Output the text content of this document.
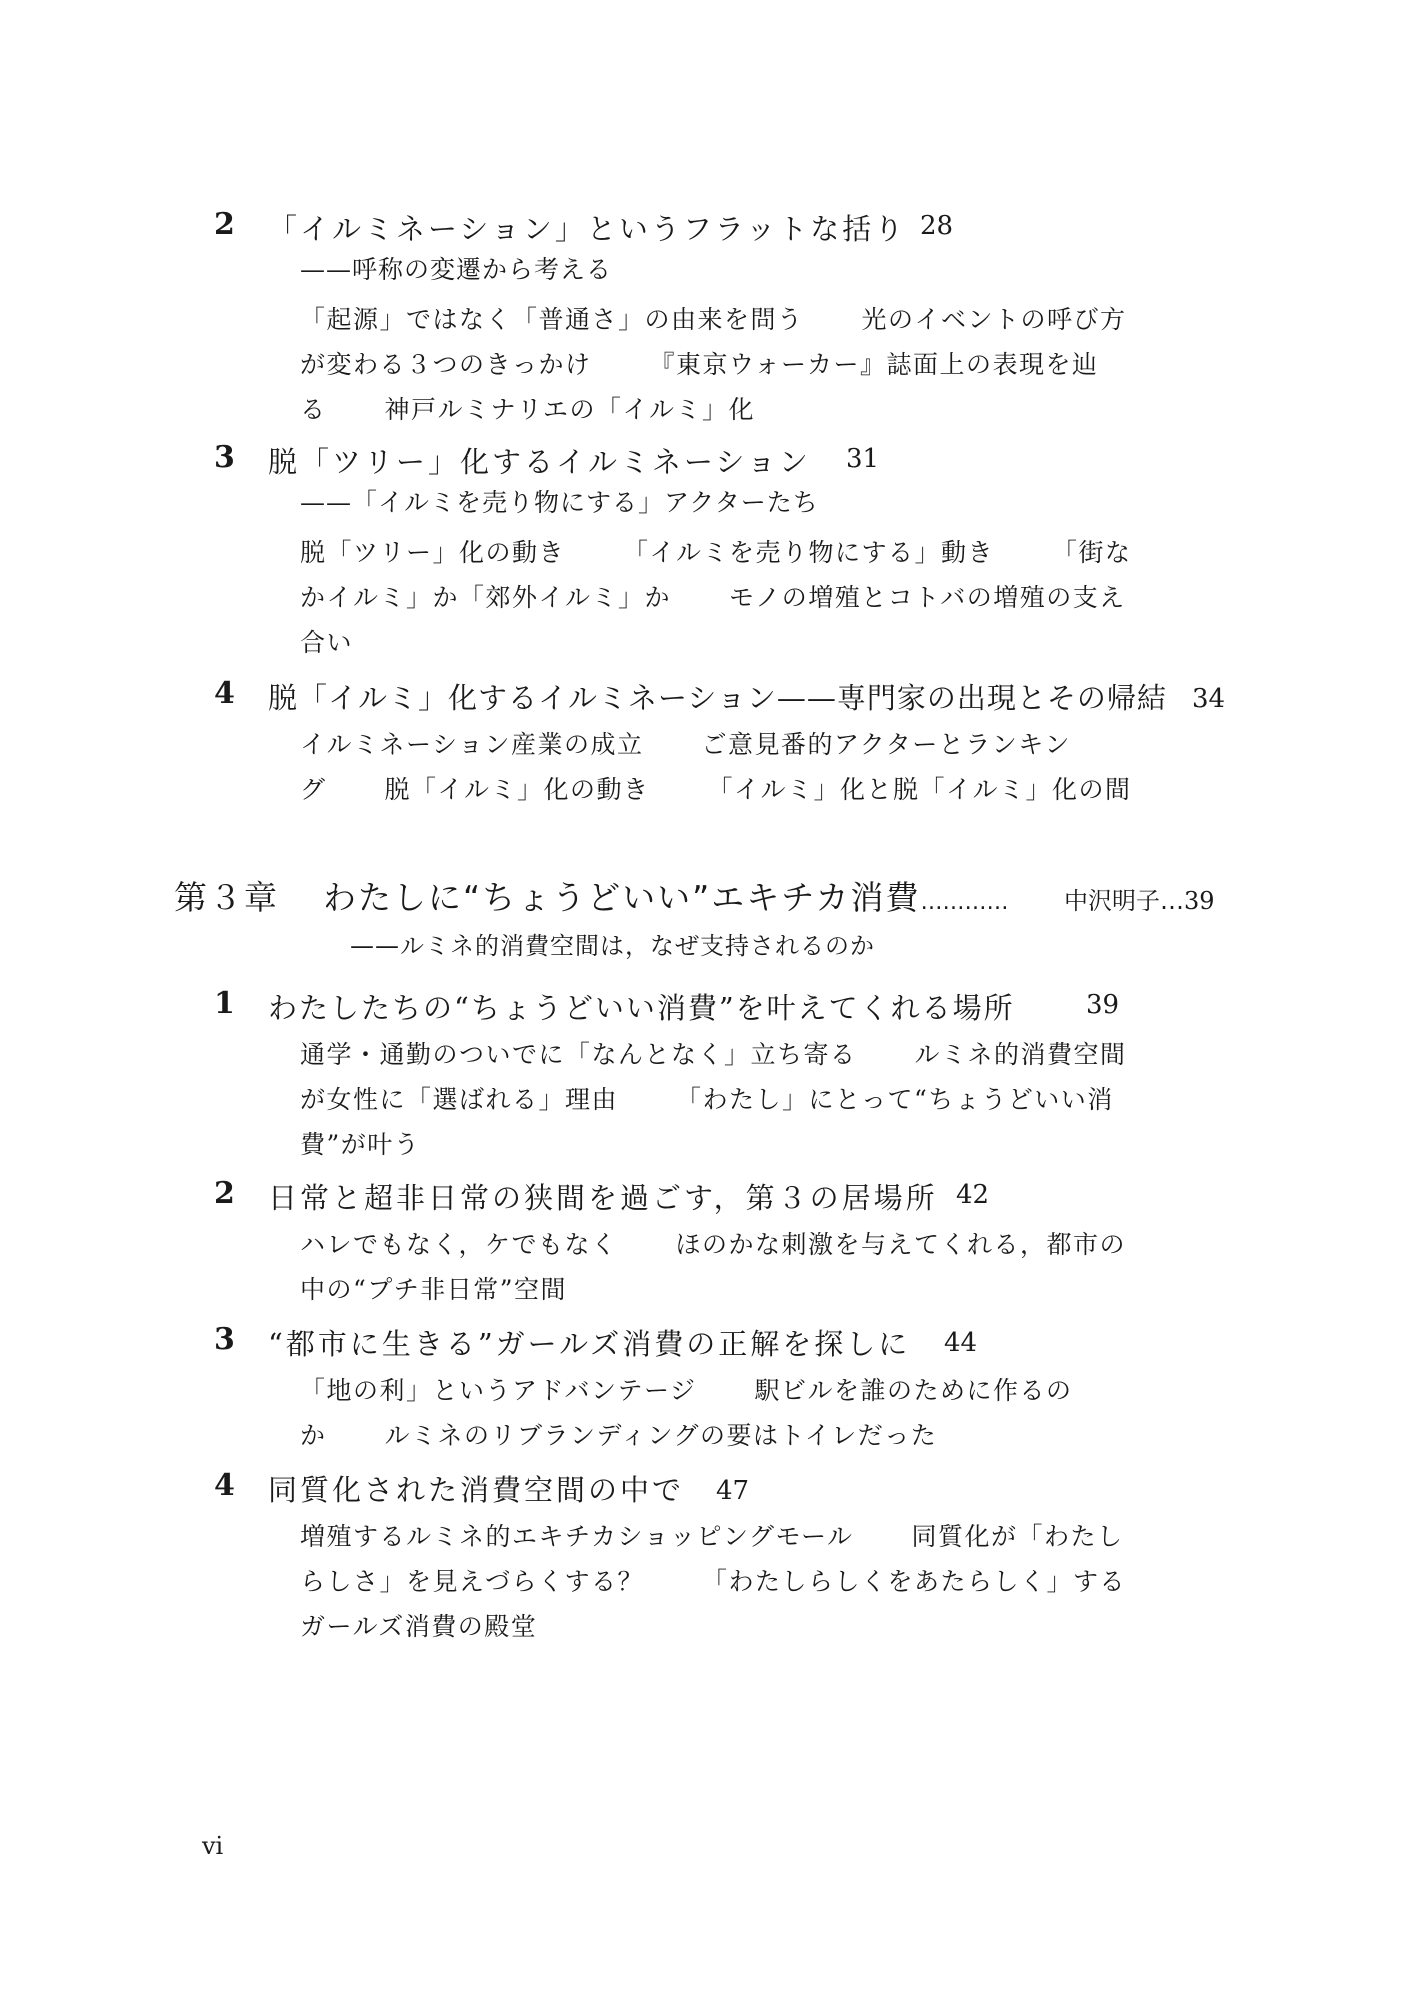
2 「イルミネーション」というフラットな括り 28
——呼称の変遷から考える
「起源」ではなく「普通さ」の由来を問う 光のイベントの呼び方が変わる３つのきっかけ 『東京ウォーカー』誌面上の表現を辿る 神戸ルミナリエの「イルミ」化
3 脱「ツリー」化するイルミネーション 31
——「イルミを売り物にする」アクターたち
脱「ツリー」化の動き 「イルミを売り物にする」動き 「街なかイルミ」か「郊外イルミ」か モノの増殖とコトバの増殖の支え合い
4 脱「イルミ」化するイルミネーション——専門家の出現とその帰結 34
イルミネーション産業の成立 ご意見番的アクターとランキング 脱「イルミ」化の動き 「イルミ」化と脱「イルミ」化の間
第３章 わたしに“ちょうどいい”エキチカ消費………… 中沢明子…39
——ルミネ的消費空間は，なぜ支持されるのか
1 わたしたちの“ちょうどいい消費”を叶えてくれる場所	39
通学・通勤のついでに「なんとなく」立ち寄る ルミネ的消費空間が女性に「選ばれる」理由 「わたし」にとって“ちょうどいい消費”が叶う
2 日常と超非日常の狭間を過ごす，第３の居場所 42
ハレでもなく，ケでもなく ほのかな刺激を与えてくれる，都市の中の“プチ非日常”空間
3 “都市に生きる”ガールズ消費の正解を探しに 44
「地の利」というアドバンテージ 駅ビルを誰のために作るのか ルミネのリブランディングの要はトイレだった
4 同質化された消費空間の中で 47
増殖するルミネ的エキチカショッピングモール 同質化が「わたしらしさ」を見えづらくする？ 「わたしらしくをあたらしく」するガールズ消費の殿堂
vi
